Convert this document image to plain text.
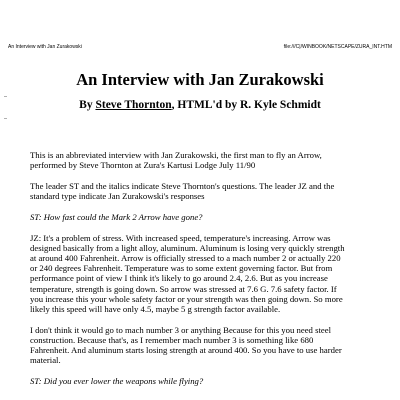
An Interview with Jan Zurakowski	file:///C|/WINBOOK/NETSCAPE/ZURA_INT.HTM
An Interview with Jan Zurakowski
By Steve Thornton, HTML'd by R. Kyle Schmidt
This is an abbreviated interview with Jan Zurakowski, the first man to fly an Arrow,
performed by Steve Thornton at Zura's Kartusi Lodge July 11/90
The leader ST and the italics indicate Steve Thornton's questions. The leader JZ and the
standard type indicate Jan Zurakowski's responses
ST: How fast could the Mark 2 Arrow have gone?
JZ: It's a problem of stress. With increased speed, temperature's increasing. Arrow was
designed basically from a light alloy, aluminum. Aluminum is losing very quickly strength
at around 400 Fahrenheit. Arrow is officially stressed to a mach number 2 or actually 220
or 240 degrees Fahrenheit. Temperature was to some extent governing factor. But from
performance point of view I think it's likely to go around 2.4, 2.6. But as you increase
temperature, strength is going down. So arrow was stressed at 7.6 G. 7.6 safety factor. If
you increase this your whole safety factor or your strength was then going down. So more
likely this speed will have only 4.5, maybe 5 g strength factor available.
I don't think it would go to mach number 3 or anything Because for this you need steel
construction. Because that's, as I remember mach number 3 is something like 680
Fahrenheit. And aluminum starts losing strength at around 400. So you have to use harder
material.
ST: Did you ever lower the weapons while flying?
